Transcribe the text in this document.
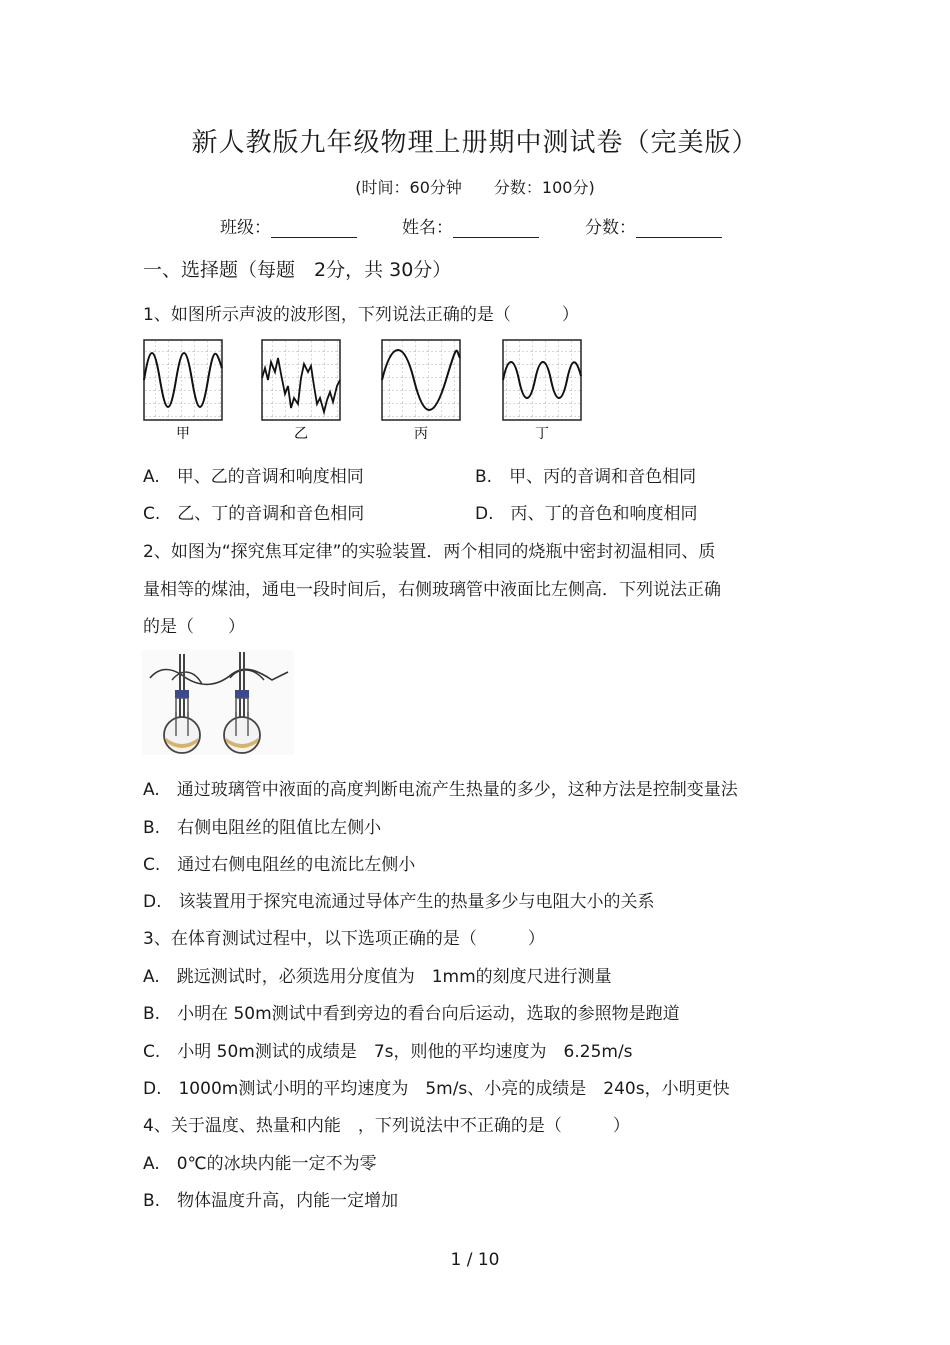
新人教版九年级物理上册期中测试卷（完美版）
(时间：60分钟　　分数：100分)
班级：	姓名：	分数：
一、选择题（每题　2分，共 30分）
1、如图所示声波的波形图，下列说法正确的是（　　　）
甲	乙	丙	丁
A.　甲、乙的音调和响度相同	B.　甲、丙的音调和音色相同
C.　乙、丁的音调和音色相同	D.　丙、丁的音色和响度相同
2、如图为“探究焦耳定律”的实验装置．两个相同的烧瓶中密封初温相同、质
量相等的煤油，通电一段时间后，右侧玻璃管中液面比左侧高．下列说法正确
的是（　　）
A.　通过玻璃管中液面的高度判断电流产生热量的多少，这种方法是控制变量法
B.　右侧电阻丝的阻值比左侧小
C.　通过右侧电阻丝的电流比左侧小
D.　该装置用于探究电流通过导体产生的热量多少与电阻大小的关系
3、在体育测试过程中，以下选项正确的是（　　　）
A.　跳远测试时，必须选用分度值为　1mm的刻度尺进行测量
B.　小明在 50m测试中看到旁边的看台向后运动，选取的参照物是跑道
C.　小明 50m测试的成绩是　7s，则他的平均速度为　6.25m/s
D.　1000m测试小明的平均速度为　5m/s、小亮的成绩是　240s，小明更快
4、关于温度、热量和内能　，下列说法中不正确的是（　　　）
A.　0℃的冰块内能一定不为零
B.　物体温度升高，内能一定增加
1 / 10
